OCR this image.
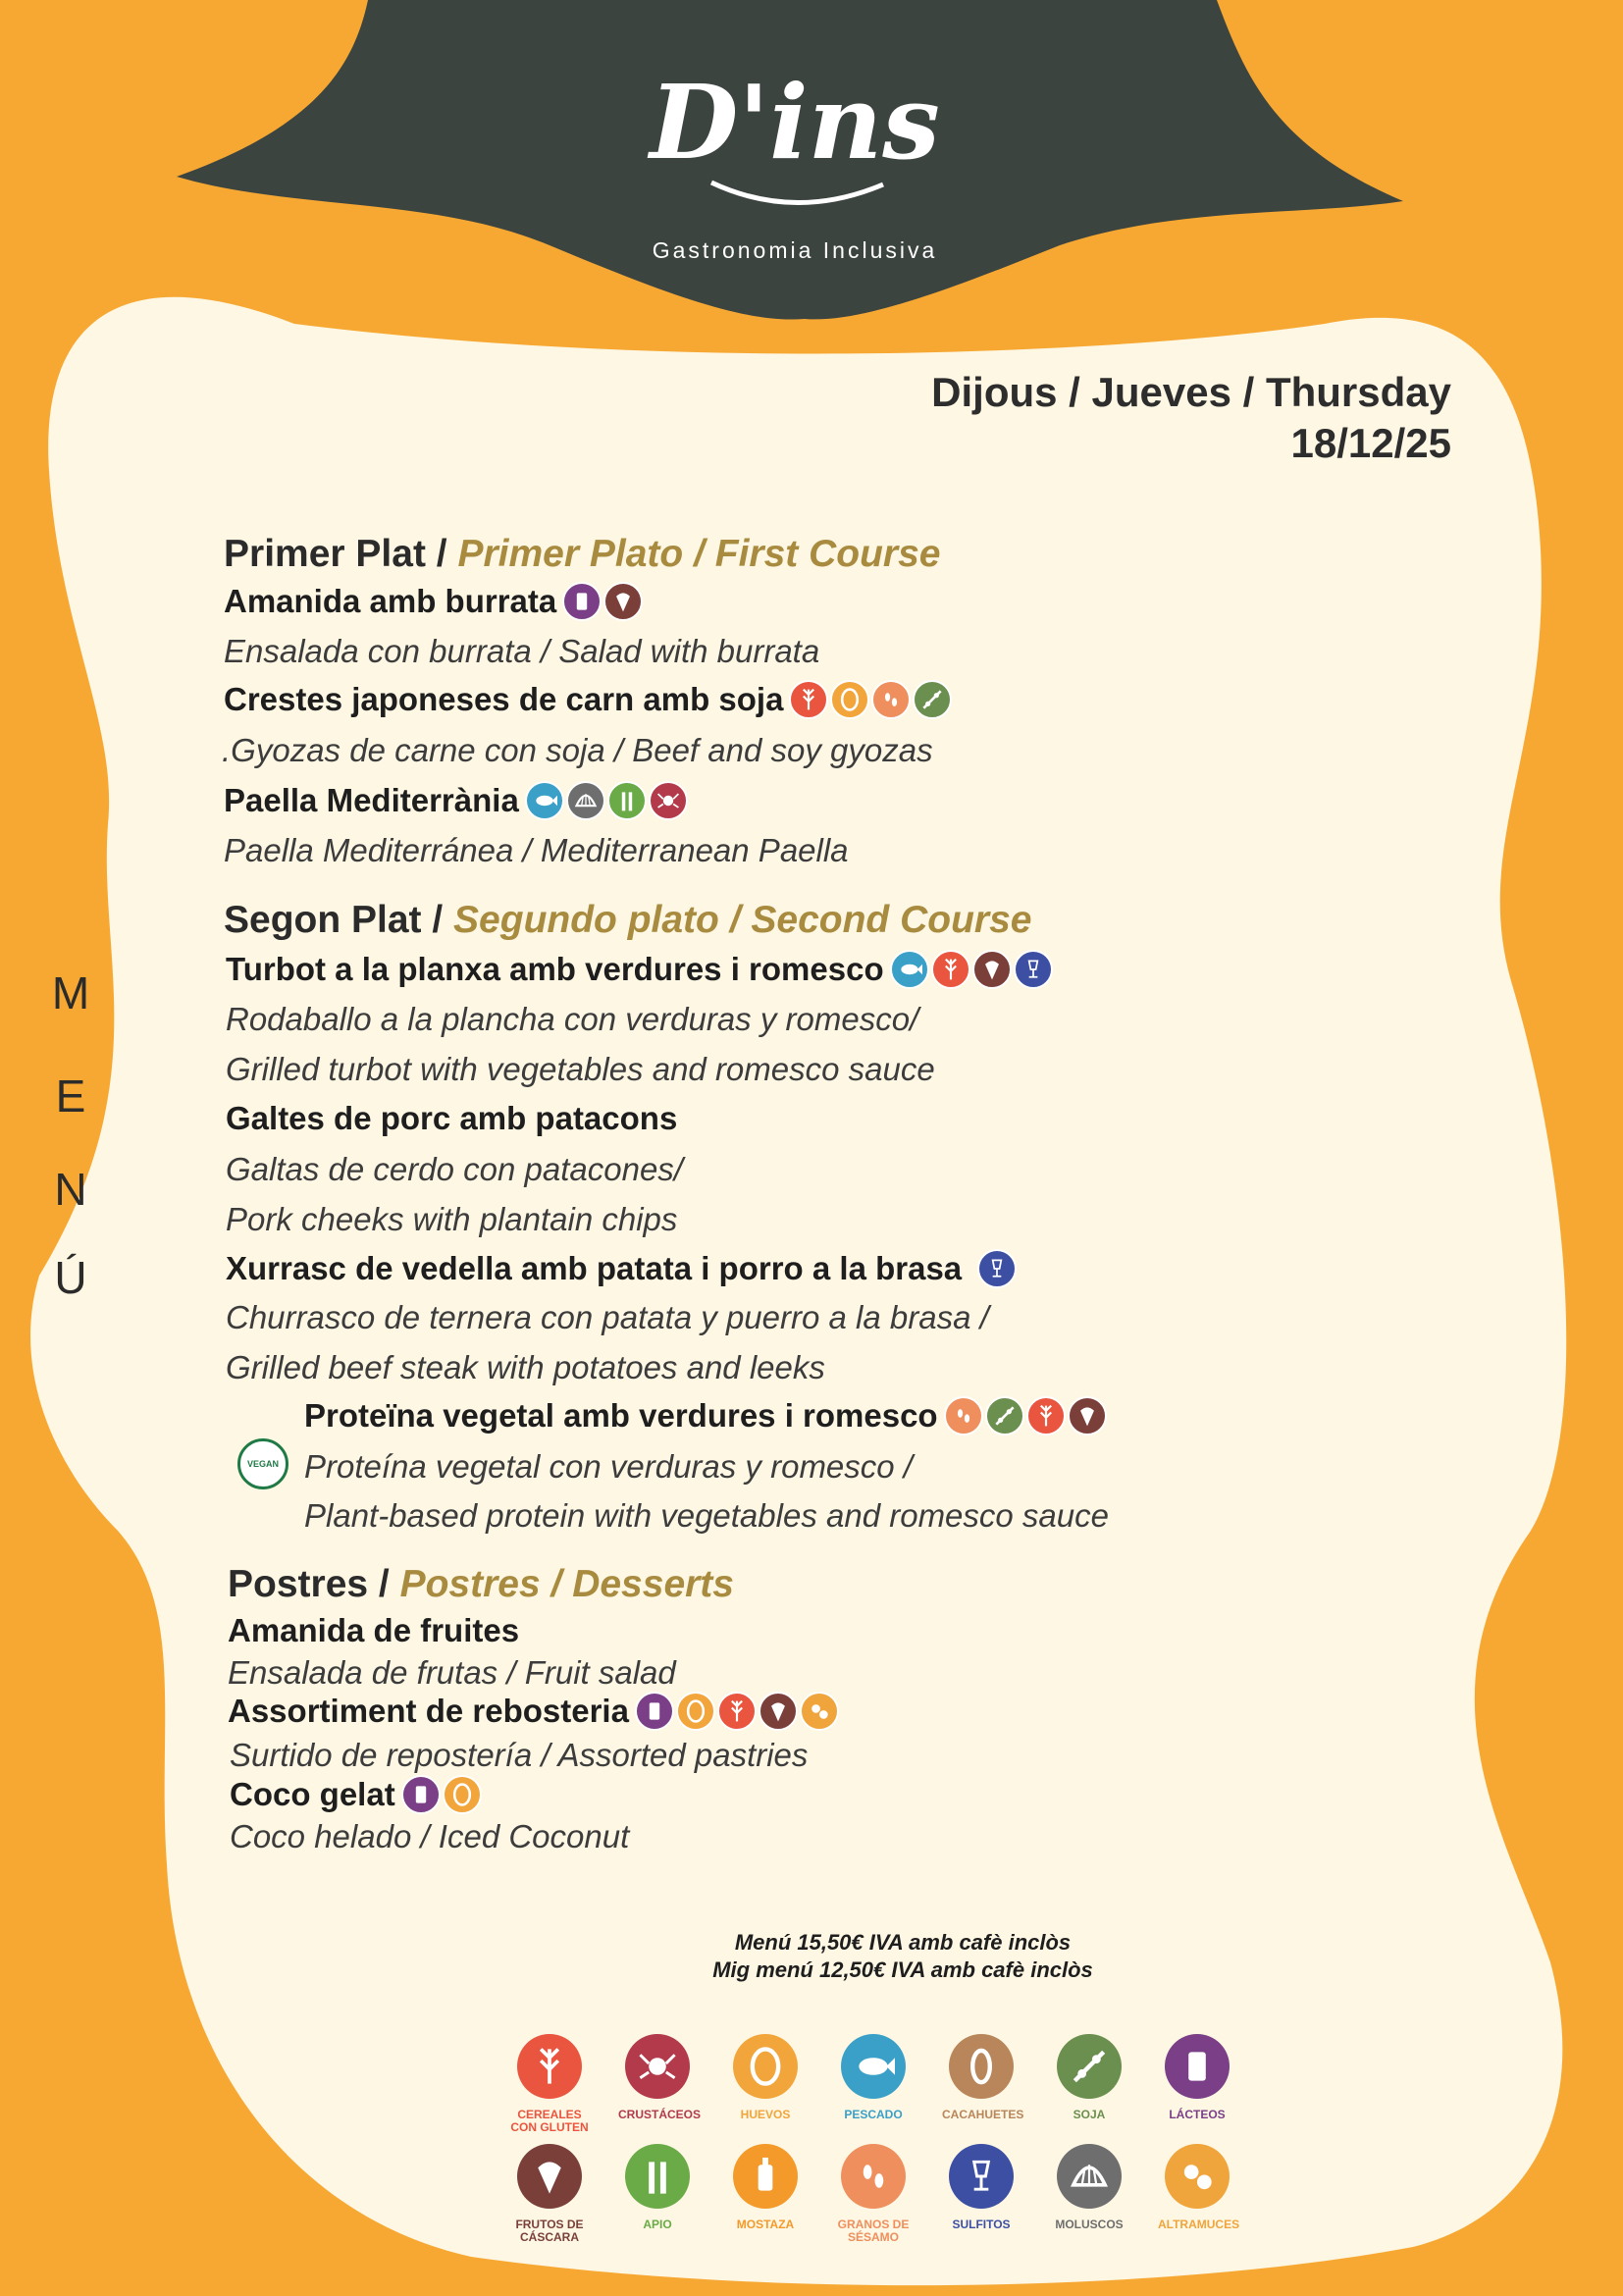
D'ins
Gastronomia Inclusiva
Dijous / Jueves / Thursday
18/12/25
M
E
N
Ú
Primer Plat / Primer Plato / First Course
Amanida amb burrata
Ensalada con burrata / Salad with burrata
Crestes japoneses de carn amb soja
.Gyozas de carne con soja / Beef and soy gyozas
Paella Mediterrània
Paella Mediterránea / Mediterranean Paella
Segon Plat / Segundo plato / Second Course
Turbot a la planxa amb verdures i romesco
Rodaballo a la plancha con verduras y romesco/
Grilled turbot with vegetables and romesco sauce
Galtes de porc amb patacons
Galtas de cerdo con patacones/
Pork cheeks with plantain chips
Xurrasc de vedella amb patata i porro a la brasa
Churrasco de ternera con patata y puerro a la brasa /
Grilled beef steak with potatoes and leeks
VEGAN
Proteïna vegetal amb verdures i romesco
Proteína vegetal con verduras y romesco /
Plant-based protein with vegetables and romesco sauce
Postres / Postres / Desserts
Amanida de fruites
Ensalada de frutas / Fruit salad
Assortiment de rebosteria
Surtido de repostería / Assorted pastries
Coco gelat
Coco helado / Iced Coconut
Menú 15,50€ IVA amb cafè inclòs
Mig menú 12,50€ IVA amb cafè inclòs
CEREALES
CON GLUTEN
CRUSTÁCEOS	HUEVOS	PESCADO	CACAHUETES	SOJA	LÁCTEOS
FRUTOS DE
CÁSCARA
APIO	MOSTAZA	GRANOS DE
SÉSAMO
SULFITOS	MOLUSCOS	ALTRAMUCES
